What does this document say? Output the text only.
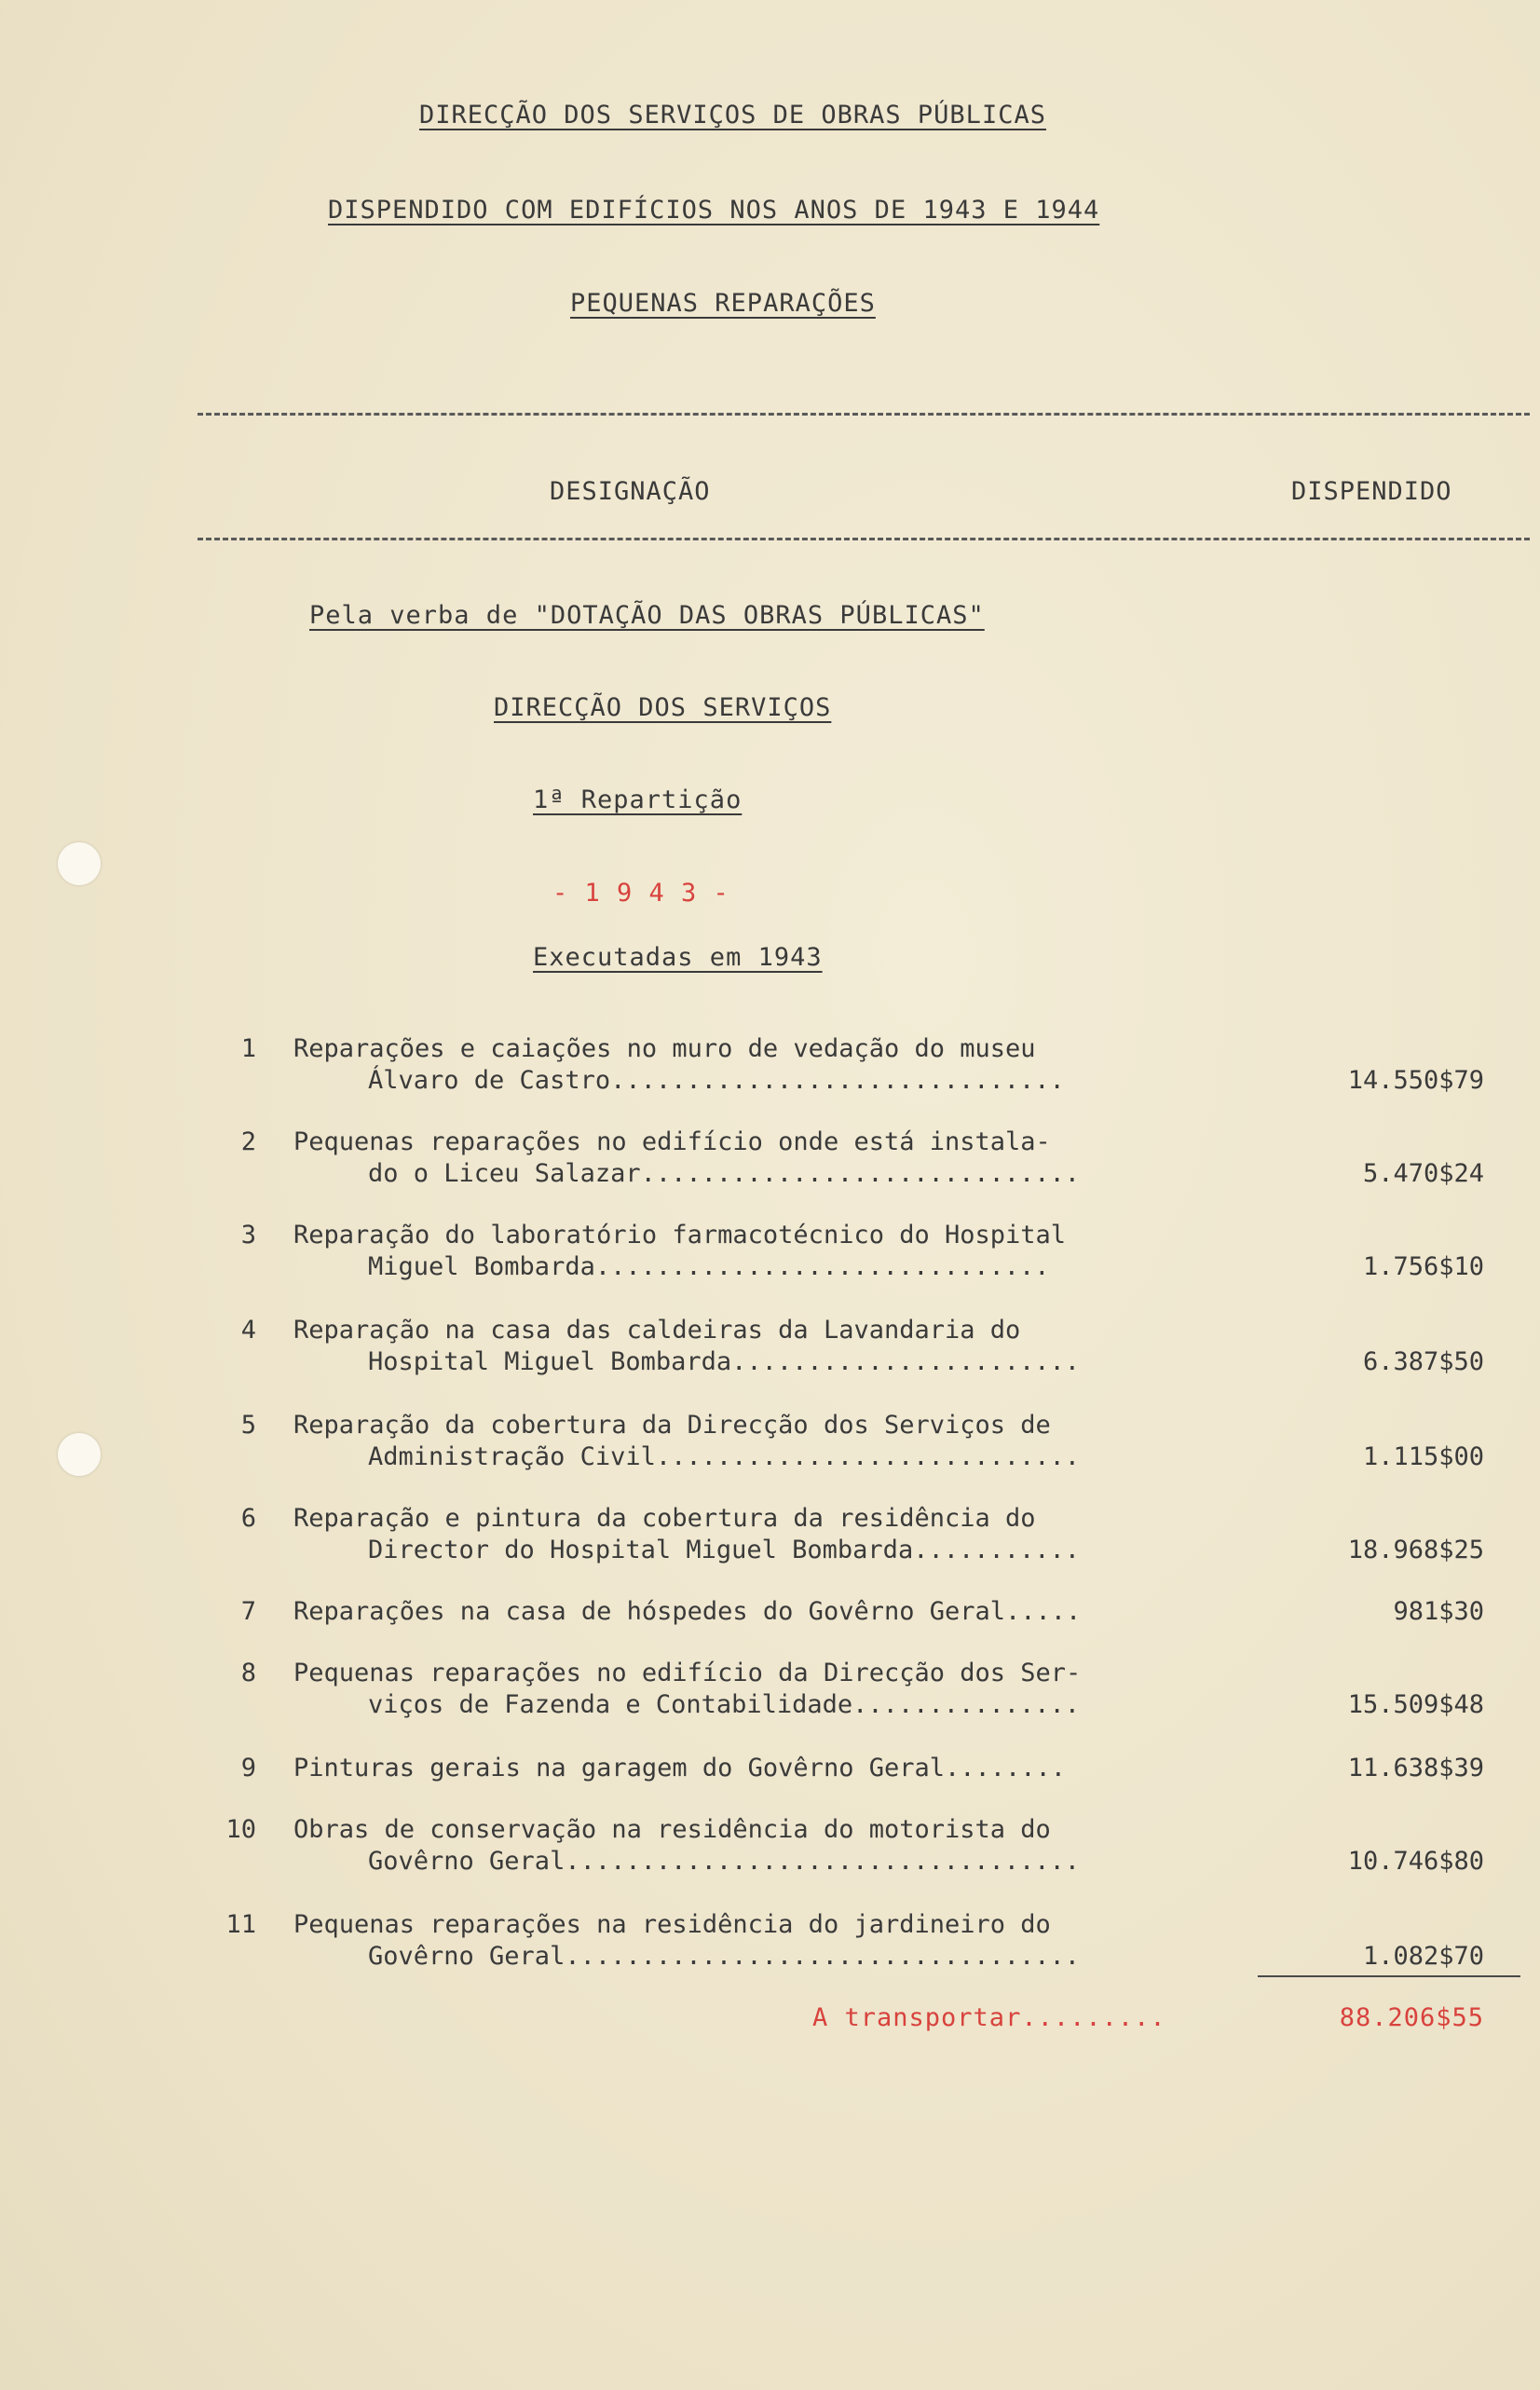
DIRECÇÃO DOS SERVIÇOS DE OBRAS PÚBLICAS
DISPENDIDO COM EDIFÍCIOS NOS ANOS DE 1943 E 1944
PEQUENAS REPARAÇÕES
DESIGNAÇÃO	DISPENDIDO
Pela verba de "DOTAÇÃO DAS OBRAS PÚBLICAS"
DIRECÇÃO DOS SERVIÇOS
1ª Repartição
- 1 9 4 3 -
Executadas em 1943
1 Reparações e caiações no muro de vedação do museu
Álvaro de Castro..............................	14.550$79
2 Pequenas reparações no edifício onde está instala-
do o Liceu Salazar.............................	5.470$24
3 Reparação do laboratório farmacotécnico do Hospital
Miguel Bombarda..............................	1.756$10
4 Reparação na casa das caldeiras da Lavandaria do
Hospital Miguel Bombarda.......................	6.387$50
5 Reparação da cobertura da Direcção dos Serviços de
Administração Civil............................	1.115$00
6 Reparação e pintura da cobertura da residência do
Director do Hospital Miguel Bombarda...........	18.968$25
7 Reparações na casa de hóspedes do Govêrno Geral.....	981$30
8 Pequenas reparações no edifício da Direcção dos Ser-
viços de Fazenda e Contabilidade...............	15.509$48
9 Pinturas gerais na garagem do Govêrno Geral........	11.638$39
10 Obras de conservação na residência do motorista do
Govêrno Geral..................................	10.746$80
11 Pequenas reparações na residência do jardineiro do
Govêrno Geral..................................	1.082$70
A transportar.........	88.206$55
